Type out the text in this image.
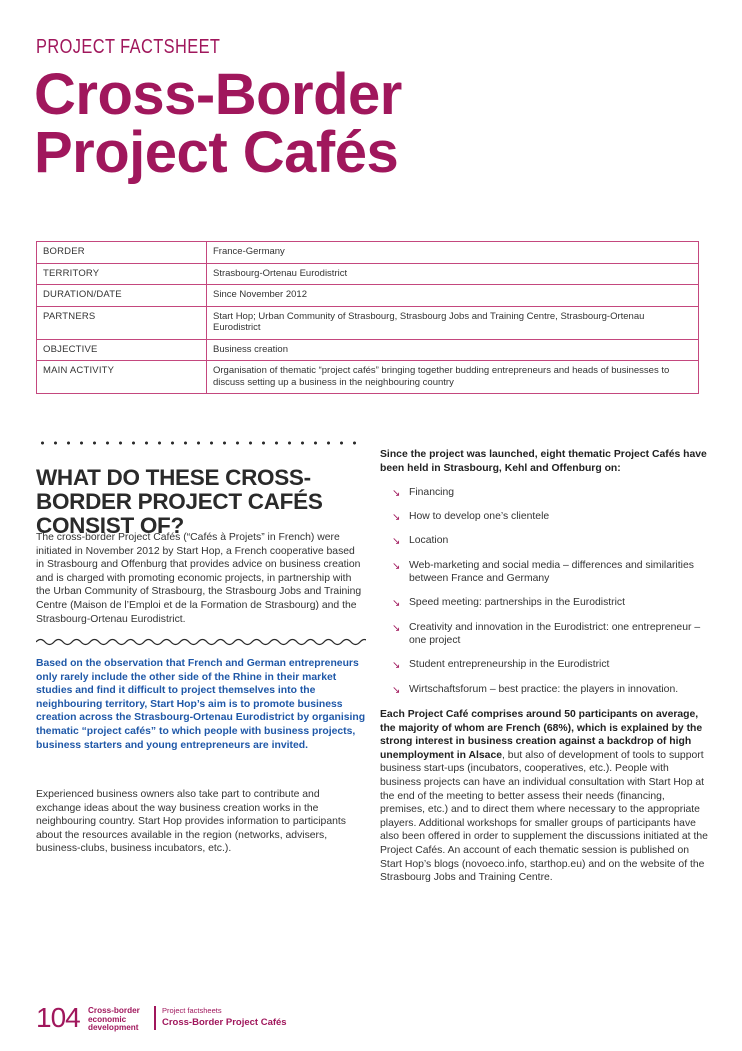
PROJECT FACTSHEET
Cross-Border
Project Cafés
BORDER	France-Germany
TERRITORY	Strasbourg-Ortenau Eurodistrict
DURATION/DATE	Since November 2012
PARTNERS	Start Hop; Urban Community of Strasbourg, Strasbourg Jobs and Training Centre, Strasbourg-Ortenau Eurodistrict
OBJECTIVE	Business creation
MAIN ACTIVITY	Organisation of thematic “project cafés” bringing together budding entrepreneurs and heads of businesses to discuss setting up a business in the neighbouring country
WHAT DO THESE CROSS-BORDER PROJECT CAFÉS CONSIST OF?

The cross-border Project Cafés (“Cafés à Projets” in French) were initiated in November 2012 by Start Hop, a French cooperative based in Strasbourg and Offenburg that provides advice on business creation and is charged with promoting economic projects, in partnership with the Urban Community of Strasbourg, the Strasbourg Jobs and Training Centre (Maison de l’Emploi et de la Formation de Strasbourg) and the Strasbourg-Ortenau Eurodistrict.

Based on the observation that French and German entrepreneurs only rarely include the other side of the Rhine in their market studies and find it difficult to project themselves into the neighbouring territory, Start Hop’s aim is to promote business creation across the Strasbourg-Ortenau Eurodistrict by organising thematic “project cafés” to which people with business projects, business starters and young entrepreneurs are invited.

Experienced business owners also take part to contribute and exchange ideas about the way business creation works in the neighbouring country. Start Hop provides information to participants about the resources available in the region (networks, advisers, business-clubs, business incubators, etc.).

Since the project was launched, eight thematic Project Cafés have been held in Strasbourg, Kehl and Offenburg on:

↘ Financing
↘ How to develop one’s clientele
↘ Location
↘ Web-marketing and social media – differences and similarities between France and Germany
↘ Speed meeting: partnerships in the Eurodistrict
↘ Creativity and innovation in the Eurodistrict: one entrepreneur – one project
↘ Student entrepreneurship in the Eurodistrict
↘ Wirtschaftsforum – best practice: the players in innovation.

Each Project Café comprises around 50 participants on average, the majority of whom are French (68%), which is explained by the strong interest in business creation against a backdrop of high unemployment in Alsace, but also of development of tools to support business start-ups (incubators, cooperatives, etc.). People with business projects can have an individual consultation with Start Hop at the end of the meeting to better assess their needs (financing, premises, etc.) and to direct them where necessary to the appropriate players. Additional workshops for smaller groups of participants have also been offered in order to supplement the discussions initiated at the Project Cafés. An account of each thematic session is published on Start Hop’s blogs (novoeco.info, starthop.eu) and on the website of the Strasbourg Jobs and Training Centre.

104 Cross-border
economic
development
Project factsheets
Cross-Border Project Cafés
